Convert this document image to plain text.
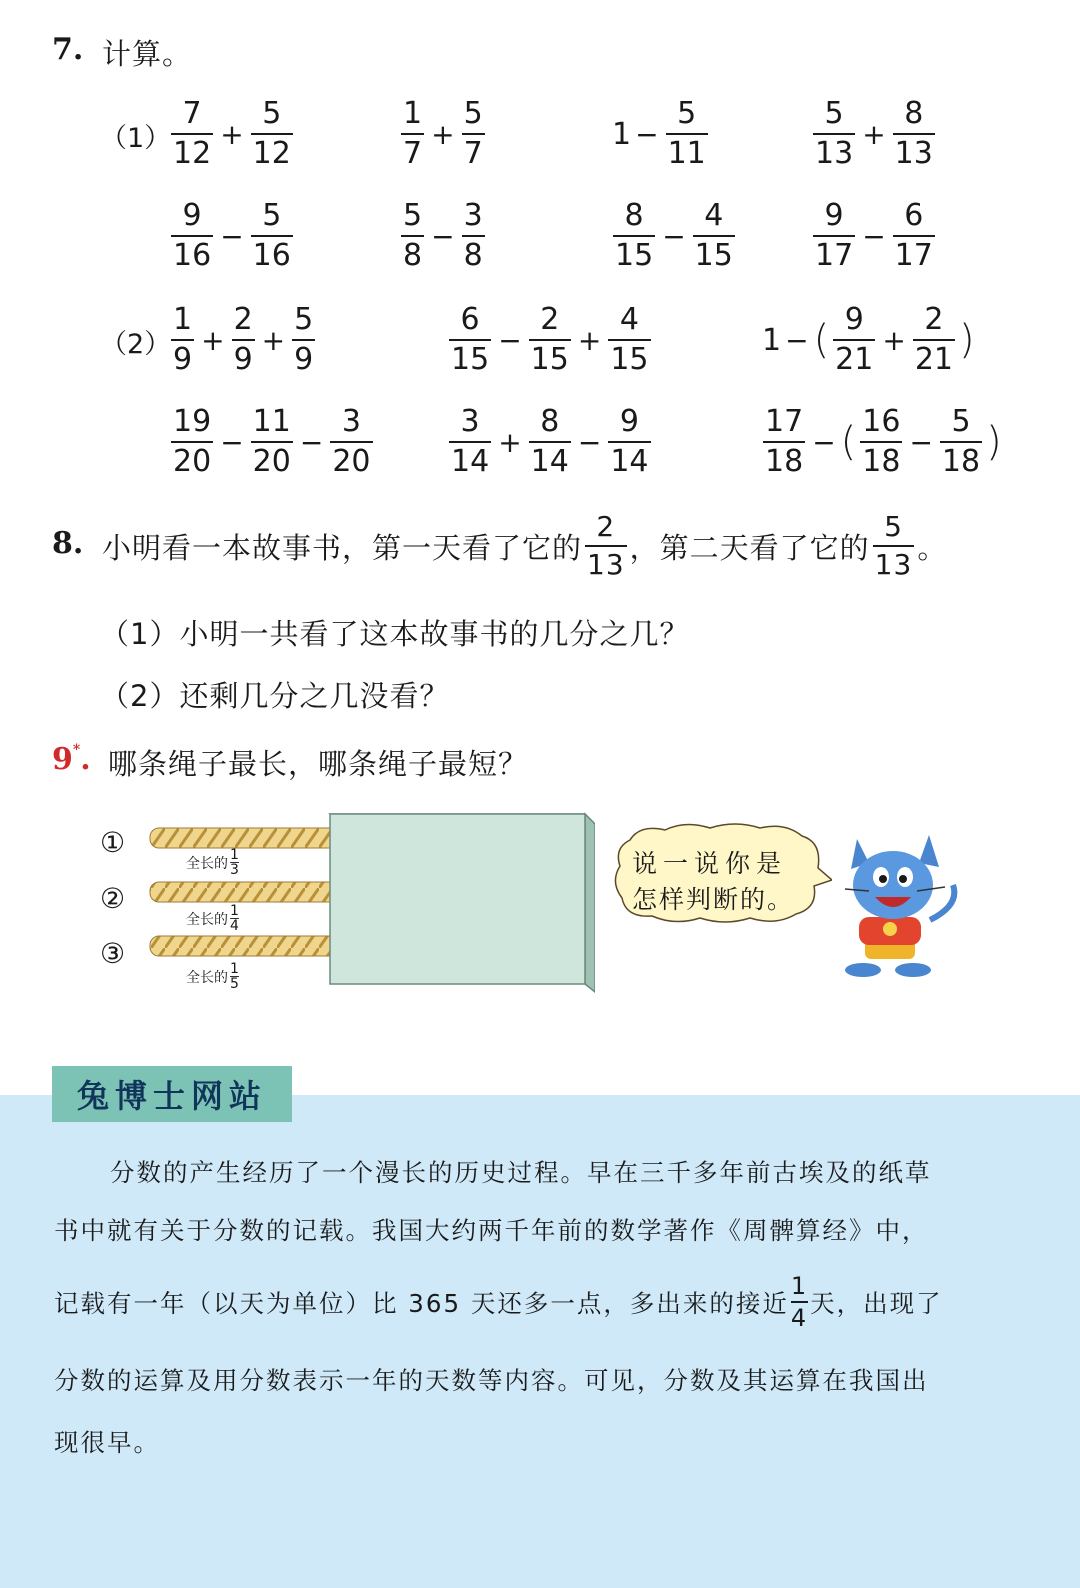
7. 计算。
$(1) \frac{7}{12} + \frac{5}{12}$	$\frac{1}{7} + \frac{5}{7}$	$1 - \frac{5}{11}$	$\frac{5}{13} + \frac{8}{13}$
$\frac{9}{16} - \frac{5}{16}$	$\frac{5}{8} - \frac{3}{8}$	$\frac{8}{15} - \frac{4}{15}$	$\frac{9}{17} - \frac{6}{17}$
$(2) \frac{1}{9} + \frac{2}{9} + \frac{5}{9}$	$\frac{6}{15} - \frac{2}{15} + \frac{4}{15}$	1 − ( $\frac{9}{21} + \frac{2}{21}$ )
$\frac{19}{20} - \frac{11}{20} - \frac{3}{20}$	$\frac{3}{14} + \frac{8}{14} - \frac{9}{14}$	$\frac{17}{18}$ − ( $\frac{16}{18} - \frac{5}{18}$ )
8. 小明看一本故事书，第一天看了它的 $\frac{2}{13}$ ，第二天看了它的 $\frac{5}{13}$ 。
（1）小明一共看了这本故事书的几分之几？
（2）还剩几分之几没看？
9*. 哪条绳子最长，哪条绳子最短？
①
②
③
全长的
1
3
全长的
1
4
全长的
1
5
说一说你是
怎样判断的。
兔博士网站
分数的产生经历了一个漫长的历史过程。早在三千多年前古埃及的纸草
书中就有关于分数的记载。我国大约两千年前的数学著作《周髀算经》中，
记载有一年（以天为单位）比 365 天还多一点，多出来的接近
1
4
天，出现了
分数的运算及用分数表示一年的天数等内容。可见，分数及其运算在我国出
现很早。
